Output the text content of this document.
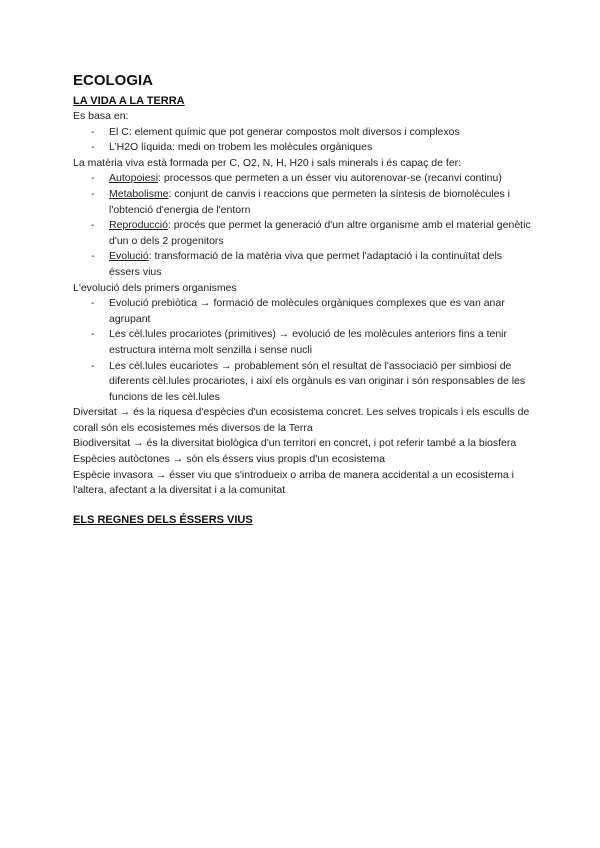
ECOLOGIA
LA VIDA A LA TERRA

Es basa en:

- El C: element químic que pot generar compostos molt diversos i complexos
- L’H2O líquida: medi on trobem les molècules orgàniques

La matèria viva està formada per C, O2, N, H, H20 i sals minerals i és capaç de fer:

- Autopoiesi: processos que permeten a un ésser viu autorenovar-se (recanvi continu)
- Metabolisme: conjunt de canvis i reaccions que permeten la síntesis de biomolècules i l'obtenció d'energia de l'entorn
- Reproducció: procés que permet la generació d'un altre organisme amb el material genètic d'un o dels 2 progenitors
- Evolució: transformació de la matèria viva que permet l'adaptació i la continuïtat dels éssers vius

L'evolució dels primers organismes

- Evolució prebiòtica → formació de molècules orgàniques complexes que es van anar agrupant
- Les cèl.lules procariotes (primitives) → evolució de les molècules anteriors fins a tenir estructura interna molt senzilla i sense nucli
- Les cèl.lules eucariotes → probablement són el resultat de l'associació per simbiosi de diferents cèl.lules procariotes, i així els orgànuls es van originar i són responsables de les funcions de les cèl.lules

Diversitat → és la riquesa d'espècies d'un ecosistema concret. Les selves tropicals i els esculls de corall són els ecosistemes més diversos de la Terra

Biodiversitat → és la diversitat biològica d'un territori en concret, i pot referir també a la biosfera

Espècies autòctones → són els éssers vius propis d'un ecosistema

Espècie invasora → ésser viu que s'introdueix o arriba de manera accidental a un ecosistema i l'altera, afectant a la diversitat i a la comunitat

ELS REGNES DELS ÉSSERS VIUS
